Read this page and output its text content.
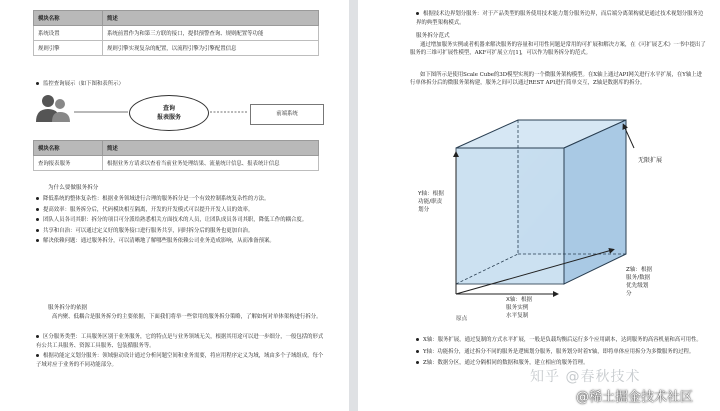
模块名称	简述
系统设置	系统前置作为和第三方联的接口，提供预警查询、规则配置等功能
规则引擎	规则引擎实现复杂的配置，以流程引擎为引擎配置信息
监控查询展示（如下图和表所示）
查询
报表服务	前端系统
模块名称	简述
查询报表服务	根据业务方请求以查看当前业务处理结果、流量统计信息、报表统计信息
为什么要做服务拆分
降低系统的整体复杂性：根据业务领域进行合理的服务拆分是一个有效控制系统复杂性的方法。
提高效率：服务拆分后，代码模块相互隔离，开发的开发模式可以提升开发人员的效率。
团队人员各司其职：拆分的项目可分派给熟悉相关方面技术的人员，让团队成员各司其职，降低工作的耦合度。
共享和自治：可以通过定义好的服务接口进行服务共享，同时拆分后的服务也更加自治。
解决依赖问题：通过服务拆分，可以清晰地了解哪些服务依赖公司业务造成影响，从而准备预案。
服务拆分的依据
高内聚、低耦合是服务拆分的主要依据，下面我们将举一些常用的服务拆分策略，了解如何对单体架构进行拆分。
区分服务类型：工具服务区别于业务服务，它的特点是与业务领域无关，根据其用途可以进一步细分，一般包括的形式有公共工具服务、资源工具服务、包装循服务等。
根据功能定义划分服务：领域驱动设计通过分析问题空间和业务需要，将应用程序定义为域，域由多个子域组成，每个子域对应于业务的不同功能部分。
根据技术边界划分服务：对于产品类型的服务使用技术能力划分服务边界，而后端分离架构就是通过技术视划分服务边界的典型架构模式。
服务拆分范式
通过增加服务实例或者机器来解决服务的容量和可用性问题是常用的可扩展和解决方案，在《可扩展艺术》一书中提出了服务的三维可扩展性模型，AKF可扩展立方[1]，可以作为服务拆分的范式。
如下图所示是使用Scale Cube的3D模型实现的一个微服务架构模型。在X轴上通过API网关进行水平扩展，在Y轴上进行单体拆分后的微服务架构建，服务之间可以通过REST API进行简单交互，Z轴是数据库的拆分。
无限扩展
Y轴：根据
功能/职责
划分
Z轴：根据
服务/数据
优先级划
分
X轴：根据
服务实例
水平复制
原点
X轴：服务扩展，通过复制的方式水平扩展，一般是负载均衡后运行多个应用副本，达到服务的高容机量和高可用性。
Y轴：功能拆分，通过拆分不同的服务是逻辑划分服务，服务划分时着Y轴，即将单体应用拆分为多微服务的过程。
Z轴：数据分区，通过分隔相同的数据和服务，建立相应的服务管理。
知乎 @春秋技术
@稀土掘金技术社区
